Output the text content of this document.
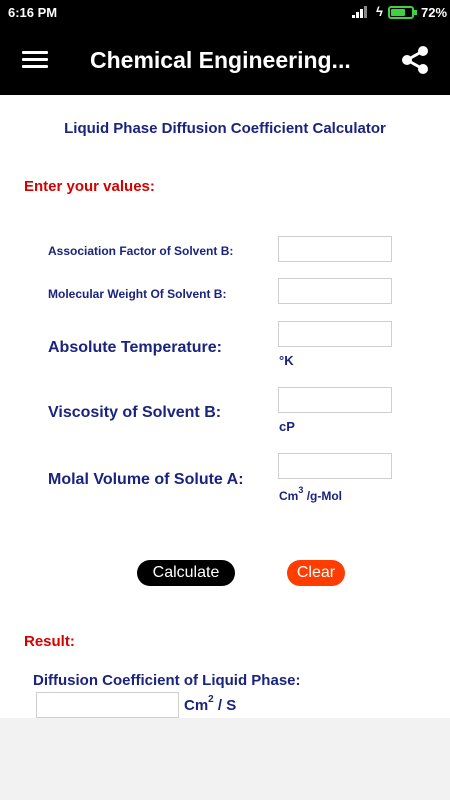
6:16 PM	ϟ	72%
Chemical Engineering...
Liquid Phase Diffusion Coefficient Calculator
Enter your values:
Association Factor of Solvent B:
Molecular Weight Of Solvent B:
Absolute Temperature:
°K
Viscosity of Solvent B:
cP
Molal Volume of Solute A:
Cm$^3$ /g-Mol
Calculate	Clear
Result:
Diffusion Coefficient of Liquid Phase:
Cm$^2$ / S
